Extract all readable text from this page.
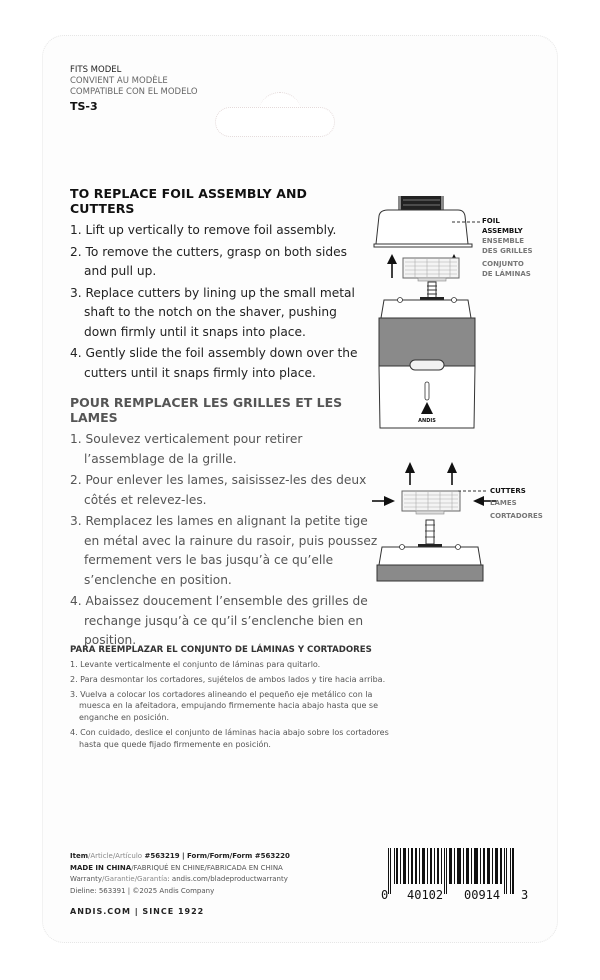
FITS MODEL
CONVIENT AU MODÈLE
COMPATIBLE CON EL MODELO
TS-3
TO REPLACE FOIL ASSEMBLY AND CUTTERS
1. Lift up vertically to remove foil assembly.
2. To remove the cutters, grasp on both sides and pull up.
3. Replace cutters by lining up the small metal shaft to the notch on the shaver, pushing down firmly until it snaps into place.
4. Gently slide the foil assembly down over the cutters until it snaps firmly into place.
POUR REMPLACER LES GRILLES ET LES LAMES
1. Soulevez verticalement pour retirer l’assemblage de la grille.
2. Pour enlever les lames, saisissez-les des deux côtés et relevez-les.
3. Remplacez les lames en alignant la petite tige en métal avec la rainure du rasoir, puis poussez fermement vers le bas jusqu’à ce qu’elle s’enclenche en position.
4. Abaissez doucement l’ensemble des grilles de rechange jusqu’à ce qu’il s’enclenche bien en position.
PARA REEMPLAZAR EL CONJUNTO DE LÁMINAS Y CORTADORES
1. Levante verticalmente el conjunto de láminas para quitarlo.
2. Para desmontar los cortadores, sujételos de ambos lados y tire hacia arriba.
3. Vuelva a colocar los cortadores alineando el pequeño eje metálico con la muesca en la afeitadora, empujando firmemente hacia abajo hasta que se enganche en posición.
4. Con cuidado, deslice el conjunto de láminas hacia abajo sobre los cortadores hasta que quede fijado firmemente en posición.
ANDIS
FOIL
ASSEMBLY
ENSEMBLE
DES GRILLES
CONJUNTO
DE LÁMINAS
CUTTERS
LAMES
CORTADORES
Item/Article/Artículo #563219 | Form/Form/Form #563220
MADE IN CHINA/FABRIQUÉ EN CHINE/FABRICADA EN CHINA
Warranty/Garantie/Garantía: andis.com/bladeproductwarranty
Dieline: 563391 | ©2025 Andis Company
ANDIS.COM | SINCE 1922
0 40102 00914 3
